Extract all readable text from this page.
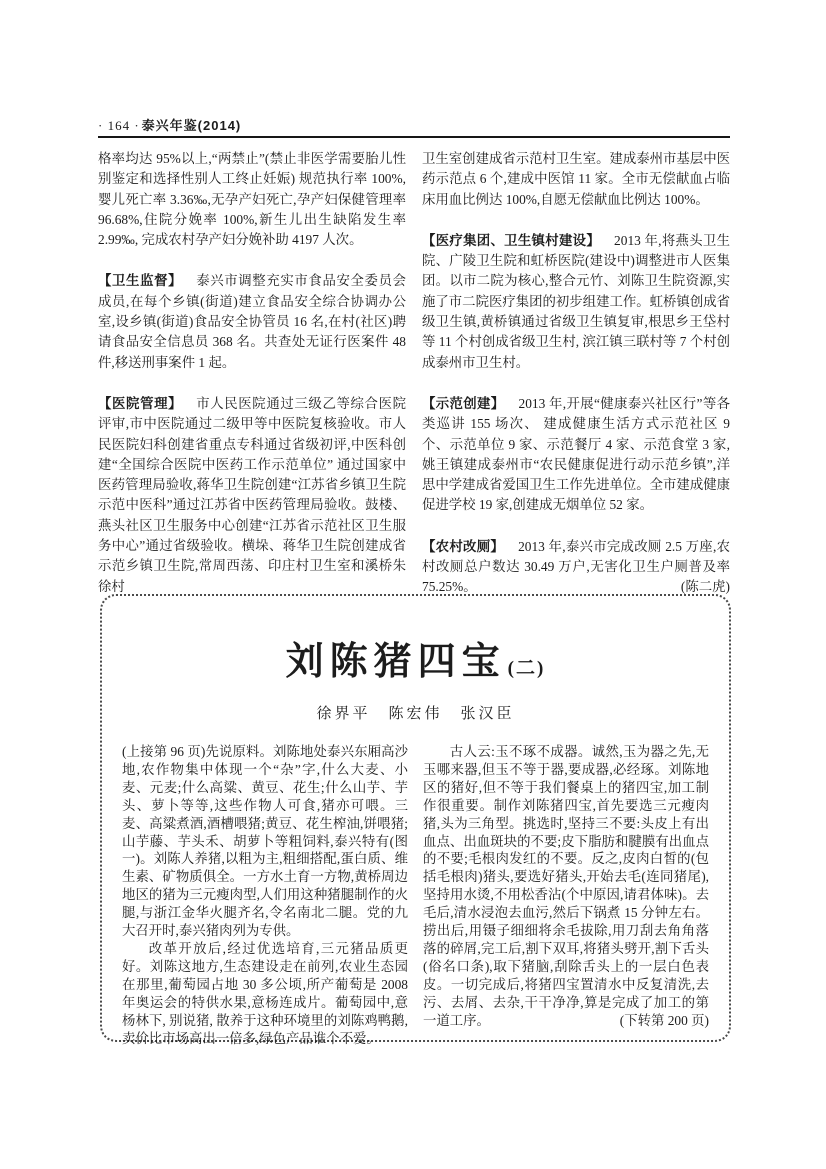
· 164 · 泰兴年鉴(2014)

格率均达 95%以上,“两禁止”(禁止非医学需要胎儿性别鉴定和选择性别人工终止妊娠) 规范执行率 100%,婴儿死亡率 3.36‰,无孕产妇死亡,孕产妇保健管理率 96.68%,住院分娩率 100%,新生儿出生缺陷发生率 2.99‰, 完成农村孕产妇分娩补助 4197 人次。

【卫生监督】 泰兴市调整充实市食品安全委员会成员,在每个乡镇(街道)建立食品安全综合协调办公室,设乡镇(街道)食品安全协管员 16 名,在村(社区)聘请食品安全信息员 368 名。共查处无证行医案件 48 件,移送刑事案件 1 起。

【医院管理】 市人民医院通过三级乙等综合医院评审,市中医院通过二级甲等中医院复核验收。市人民医院妇科创建省重点专科通过省级初评,中医科创建“全国综合医院中医药工作示范单位” 通过国家中医药管理局验收,蒋华卫生院创建“江苏省乡镇卫生院示范中医科”通过江苏省中医药管理局验收。鼓楼、燕头社区卫生服务中心创建“江苏省示范社区卫生服务中心”通过省级验收。横垛、蒋华卫生院创建成省示范乡镇卫生院,常周西荡、印庄村卫生室和溪桥朱徐村

卫生室创建成省示范村卫生室。建成泰州市基层中医药示范点 6 个,建成中医馆 11 家。全市无偿献血占临床用血比例达 100%,自愿无偿献血比例达 100%。

【医疗集团、卫生镇村建设】 2013 年,将燕头卫生院、广陵卫生院和虹桥医院(建设中)调整进市人医集团。以市二院为核心,整合元竹、刘陈卫生院资源,实施了市二院医疗集团的初步组建工作。虹桥镇创成省级卫生镇,黄桥镇通过省级卫生镇复审,根思乡王垈村等 11 个村创成省级卫生村, 滨江镇三联村等 7 个村创成泰州市卫生村。

【示范创建】 2013 年,开展“健康泰兴社区行”等各类巡讲 155 场次、 建成健康生活方式示范社区 9 个、示范单位 9 家、示范餐厅 4 家、示范食堂 3 家,姚王镇建成泰州市“农民健康促进行动示范乡镇”,洋思中学建成省爱国卫生工作先进单位。全市建成健康促进学校 19 家,创建成无烟单位 52 家。

【农村改厕】 2013 年,泰兴市完成改厕 2.5 万座,农村改厕总户数达 30.49 万户,无害化卫生户厕普及率 75.25%。	(陈二虎)

刘陈猪四宝 (二)
徐界平　陈宏伟　张汉臣

(上接第 96 页)先说原料。刘陈地处泰兴东厢高沙地,农作物集中体现一个“杂”字,什么大麦、小麦、元麦;什么高粱、黄豆、花生;什么山芋、芋头、萝卜等等,这些作物人可食,猪亦可喂。三麦、高粱煮酒,酒槽喂猪;黄豆、花生榨油,饼喂猪;山芋藤、芋头禾、胡萝卜等粗饲料,泰兴特有(图一)。刘陈人养猪,以粗为主,粗细搭配,蛋白质、维生素、矿物质俱全。一方水土育一方物,黄桥周边地区的猪为三元瘦肉型,人们用这种猪腿制作的火腿,与浙江金华火腿齐名,令名南北二腿。党的九大召开时,泰兴猪肉列为专供。

改革开放后,经过优选培育,三元猪品质更好。刘陈这地方,生态建设走在前列,农业生态园在那里,葡萄园占地 30 多公顷,所产葡萄是 2008 年奥运会的特供水果,意杨连成片。葡萄园中,意杨林下, 别说猪, 散养于这种环境里的刘陈鸡鸭鹅,卖价比市场高出一倍多,绿色产品谁个不爱。

古人云:玉不琢不成器。诚然,玉为器之先,无玉哪来器,但玉不等于器,要成器,必经琢。刘陈地区的猪好,但不等于我们餐桌上的猪四宝,加工制作很重要。制作刘陈猪四宝,首先要选三元瘦肉猪,头为三角型。挑选时,坚持三不要:头皮上有出血点、出血斑块的不要;皮下脂肪和腱膜有出血点的不要;毛根肉发红的不要。反之,皮肉白皙的(包括毛根肉)猪头,要选好猪头,开始去毛(连同猪尾),坚持用水烫,不用松香沾(个中原因,请君体味)。去毛后,清水浸泡去血污,然后下锅煮 15 分钟左右。捞出后,用镊子细细将余毛拔除,用刀刮去角角落落的碎屑,完工后,割下双耳,将猪头劈开,割下舌头(俗名口条),取下猪脑,刮除舌头上的一层白色表皮。一切完成后,将猪四宝置清水中反复清洗,去污、去屑、去杂,干干净净,算是完成了加工的第一道工序。	(下转第 200 页)
